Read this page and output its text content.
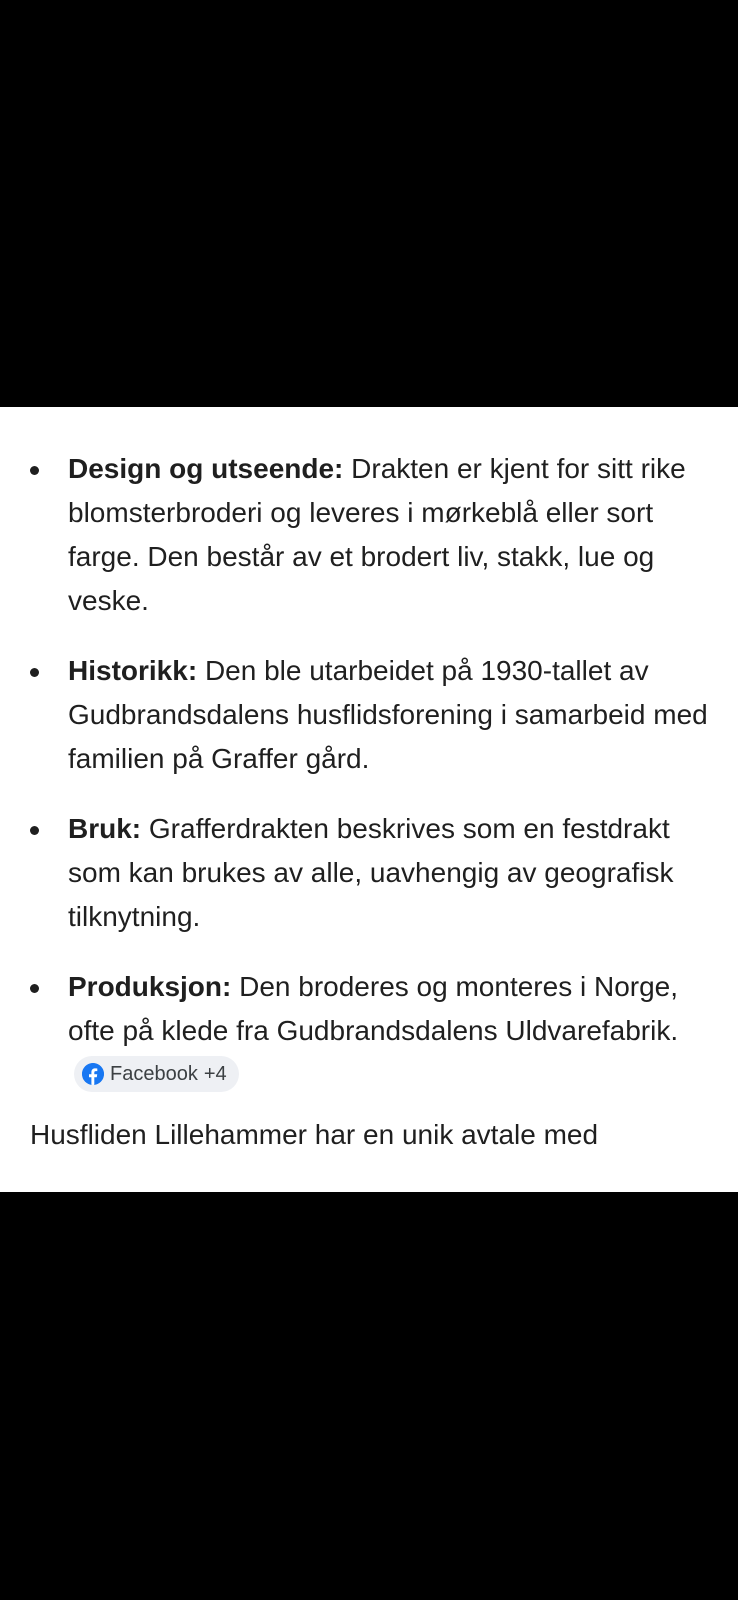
Design og utseende: Drakten er kjent for sitt rike blomsterbroderi og leveres i mørkeblå eller sort farge. Den består av et brodert liv, stakk, lue og veske.
Historikk: Den ble utarbeidet på 1930-tallet av Gudbrandsdalens husflidsforening i samarbeid med familien på Graffer gård.
Bruk: Grafferdrakten beskrives som en festdrakt som kan brukes av alle, uavhengig av geografisk tilknytning.
Produksjon: Den broderes og monteres i Norge, ofte på klede fra Gudbrandsdalens Uldvarefabrik.
Facebook +4
Husfliden Lillehammer har en unik avtale med
